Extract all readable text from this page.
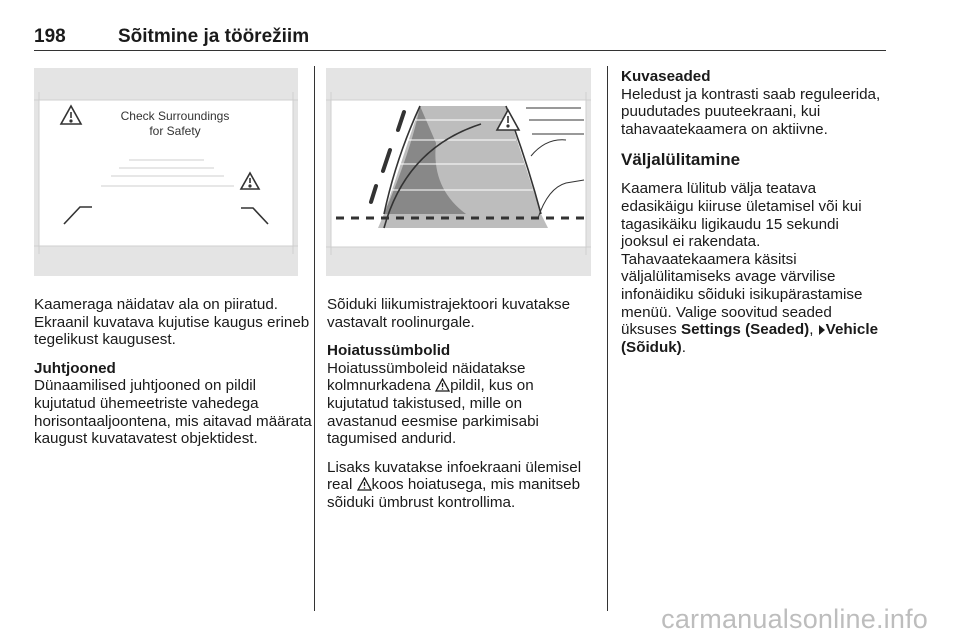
198	Sõitmine ja töörežiim
Check Surroundings
for Safety

Kaameraga näidatav ala on piiratud. Ekraanil kuvatava kujutise kaugus erineb tegelikust kaugusest.

Juhtjooned
Dünaamilised juhtjooned on pildil kujutatud ühemeetriste vahedega horisontaaljoontena, mis aitavad määrata kaugust kuvatavatest objektidest.

Sõiduki liikumistrajektoori kuvatakse vastavalt roolinurgale.

Hoiatussümbolid
Hoiatussümboleid näidatakse kolmnurkadena pildil, kus on kujutatud takistused, mille on avastanud eesmise parkimisabi tagumised andurid.

Lisaks kuvatakse infoekraani ülemisel real koos hoiatusega, mis manitseb sõiduki ümbrust kontrollima.

Kuvaseaded
Heledust ja kontrasti saab reguleerida, puudutades puuteekraani, kui tahavaatekaamera on aktiivne.

Väljalülitamine

Kaamera lülitub välja teatava edasikäigu kiiruse ületamisel või kui tagasikäiku ligikaudu 15 sekundi jooksul ei rakendata.

Tahavaatekaamera käsitsi väljalülitamiseks avage värvilise infonäidiku sõiduki isikupärastamise menüü. Valige soovitud seaded üksuses Settings (Seaded), Vehicle (Sõiduk).

carmanualsonline.info
